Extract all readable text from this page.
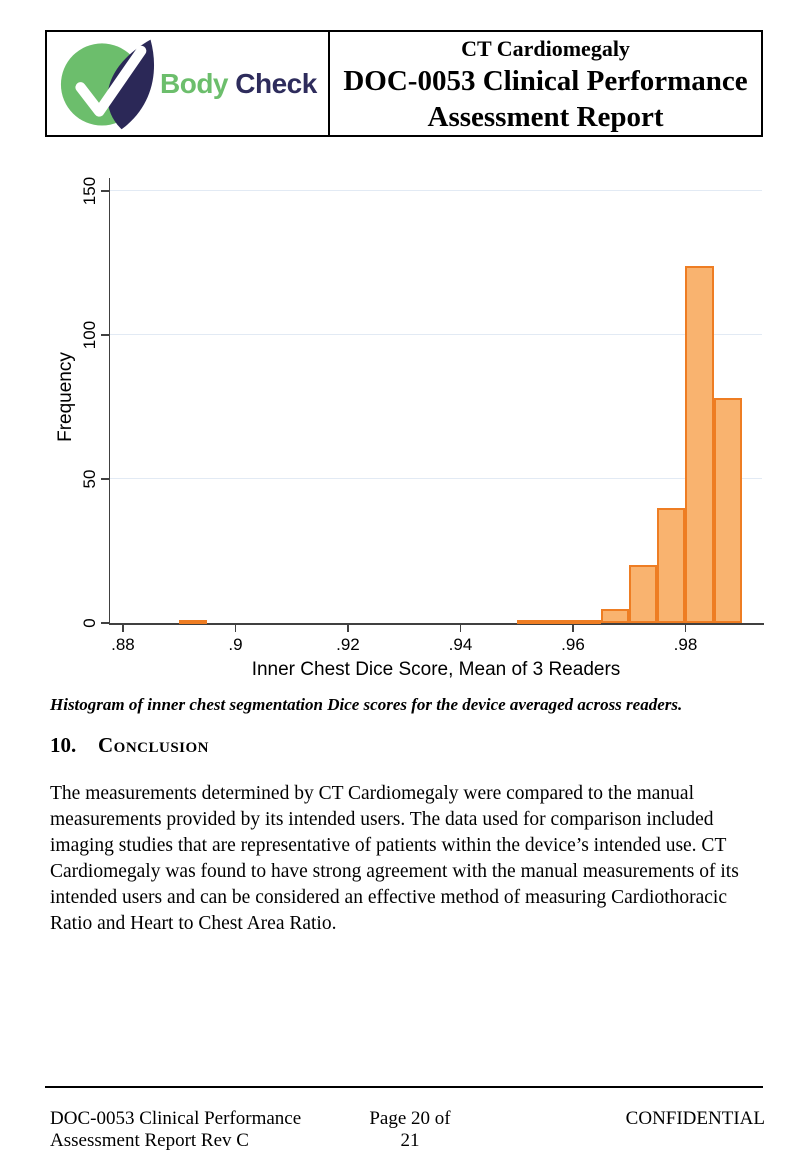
Body Check
CT Cardiomegaly
DOC-0053 Clinical Performance
Assessment Report
Frequency
Inner Chest Dice Score, Mean of 3 Readers
0
50
100
150
.88	.9	.92	.94	.96	.98
Histogram of inner chest segmentation Dice scores for the device averaged across readers.
10. Conclusion
The measurements determined by CT Cardiomegaly were compared to the manual measurements provided by its intended users. The data used for comparison included imaging studies that are representative of patients within the device’s intended use. CT Cardiomegaly was found to have strong agreement with the manual measurements of its intended users and can be considered an effective method of measuring Cardiothoracic Ratio and Heart to Chest Area Ratio.
DOC-0053 Clinical Performance
Assessment Report Rev C
Page 20 of
21
CONFIDENTIAL
